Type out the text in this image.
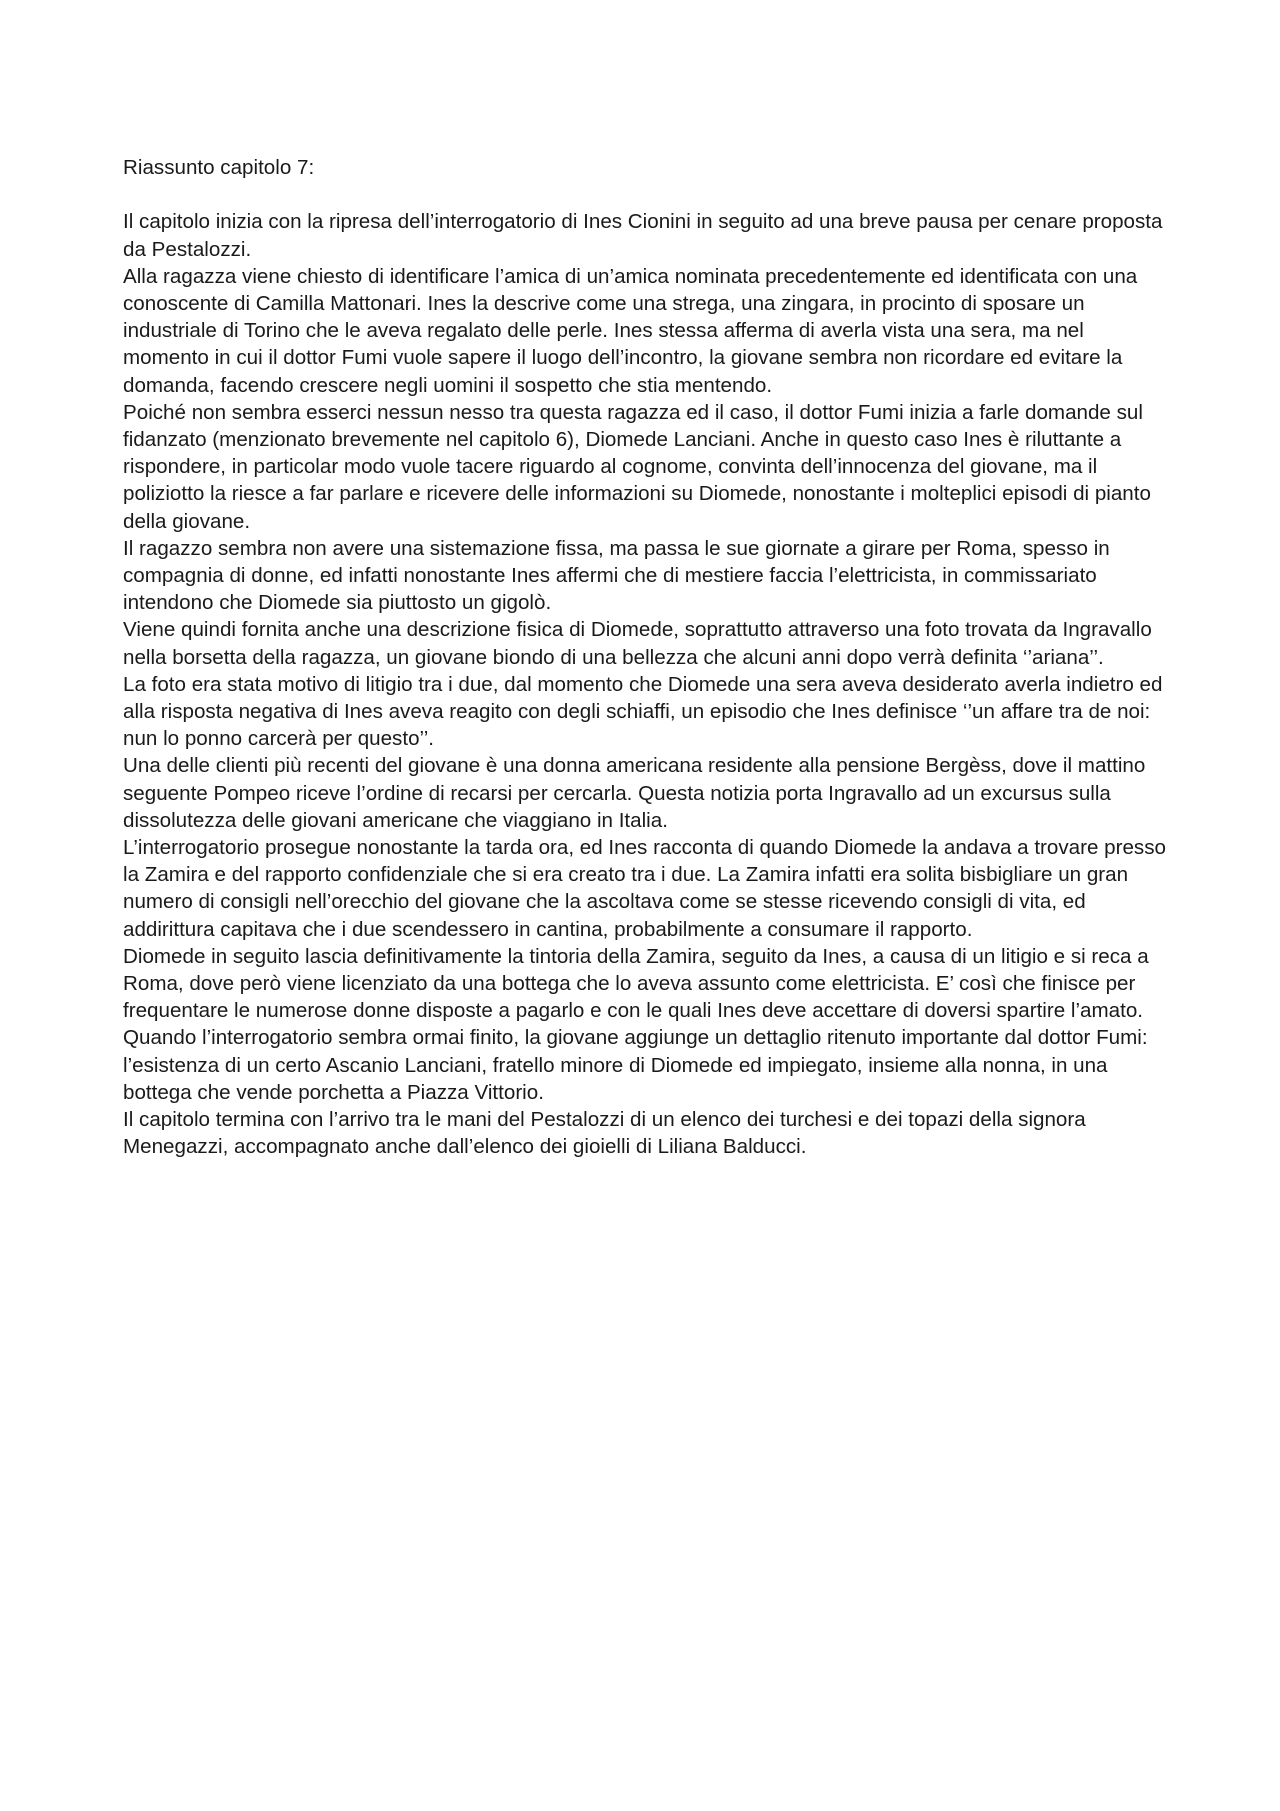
Riassunto capitolo 7:

Il capitolo inizia con la ripresa dell’interrogatorio di Ines Cionini in seguito ad una breve pausa per cenare proposta da Pestalozzi.

Alla ragazza viene chiesto di identificare l’amica di un’amica nominata precedentemente ed identificata con una conoscente di Camilla Mattonari. Ines la descrive come una strega, una zingara, in procinto di sposare un industriale di Torino che le aveva regalato delle perle. Ines stessa afferma di averla vista una sera, ma nel momento in cui il dottor Fumi vuole sapere il luogo dell’incontro, la giovane sembra non ricordare ed evitare la domanda, facendo crescere negli uomini il sospetto che stia mentendo.

Poiché non sembra esserci nessun nesso tra questa ragazza ed il caso, il dottor Fumi inizia a farle domande sul fidanzato (menzionato brevemente nel capitolo 6), Diomede Lanciani. Anche in questo caso Ines è riluttante a rispondere, in particolar modo vuole tacere riguardo al cognome, convinta dell’innocenza del giovane, ma il poliziotto la riesce a far parlare e ricevere delle informazioni su Diomede, nonostante i molteplici episodi di pianto della giovane.

Il ragazzo sembra non avere una sistemazione fissa, ma passa le sue giornate a girare per Roma, spesso in compagnia di donne, ed infatti nonostante Ines affermi che di mestiere faccia l’elettricista, in commissariato intendono che Diomede sia piuttosto un gigolò.

Viene quindi fornita anche una descrizione fisica di Diomede, soprattutto attraverso una foto trovata da Ingravallo nella borsetta della ragazza, un giovane biondo di una bellezza che alcuni anni dopo verrà definita ‘’ariana’’.

La foto era stata motivo di litigio tra i due, dal momento che Diomede una sera aveva desiderato averla indietro ed alla risposta negativa di Ines aveva reagito con degli schiaffi, un episodio che Ines definisce ‘’un affare tra de noi: nun lo ponno carcerà per questo’’.

Una delle clienti più recenti del giovane è una donna americana residente alla pensione Bergèss, dove il mattino seguente Pompeo riceve l’ordine di recarsi per cercarla. Questa notizia porta Ingravallo ad un excursus sulla dissolutezza delle giovani americane che viaggiano in Italia.

L’interrogatorio prosegue nonostante la tarda ora, ed Ines racconta di quando Diomede la andava a trovare presso la Zamira e del rapporto confidenziale che si era creato tra i due. La Zamira infatti era solita bisbigliare un gran numero di consigli nell’orecchio del giovane che la ascoltava come se stesse ricevendo consigli di vita, ed addirittura capitava che i due scendessero in cantina, probabilmente a consumare il rapporto.

Diomede in seguito lascia definitivamente la tintoria della Zamira, seguito da Ines, a causa di un litigio e si reca a Roma, dove però viene licenziato da una bottega che lo aveva assunto come elettricista. E’ così che finisce per frequentare le numerose donne disposte a pagarlo e con le quali Ines deve accettare di doversi spartire l’amato.

Quando l’interrogatorio sembra ormai finito, la giovane aggiunge un dettaglio ritenuto importante dal dottor Fumi: l’esistenza di un certo Ascanio Lanciani, fratello minore di Diomede ed impiegato, insieme alla nonna, in una bottega che vende porchetta a Piazza Vittorio.

Il capitolo termina con l’arrivo tra le mani del Pestalozzi di un elenco dei turchesi e dei topazi della signora Menegazzi, accompagnato anche dall’elenco dei gioielli di Liliana Balducci.
